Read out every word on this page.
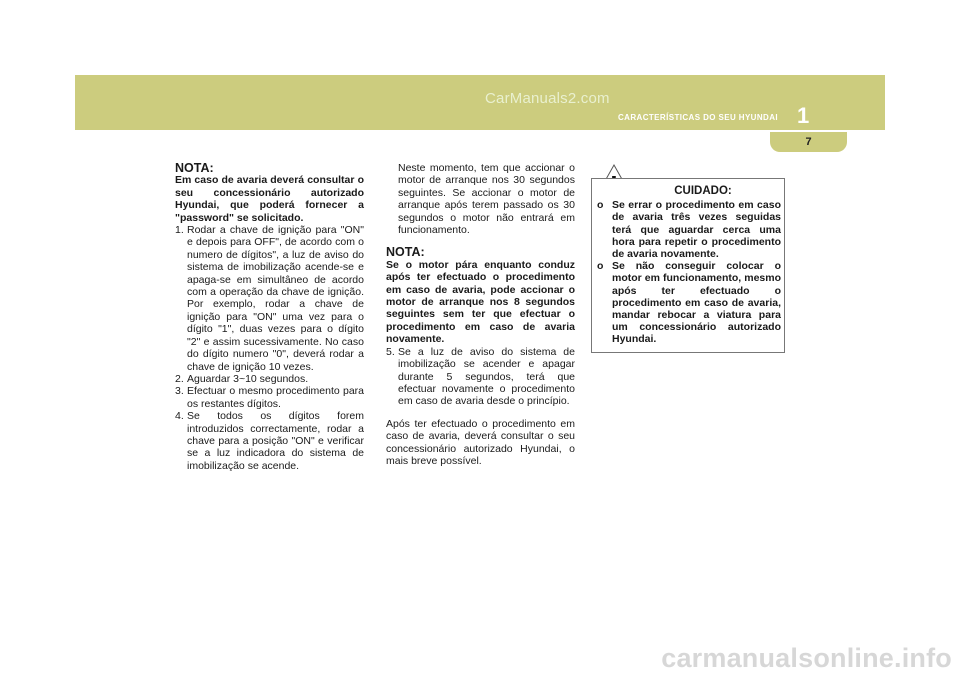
CarManuals2.com
CARACTERÍSTICAS DO SEU HYUNDAI 1
7

NOTA:

Em caso de avaria deverá consultar o seu concessionário autorizado Hyundai, que poderá fornecer a "password" se solicitado.

1. Rodar a chave de ignição para "ON" e depois para OFF", de acordo com o numero de dígitos", a luz de aviso do sistema de imobilização acende-se e apaga-se em simultâneo de acordo com a operação da chave de ignição. Por exemplo, rodar a chave de ignição para "ON" uma vez para o dígito "1", duas vezes para o dígito "2" e assim sucessivamente. No caso do dígito numero "0", deverá rodar a chave de ignição 10 vezes.
2. Aguardar 3~10 segundos.
3. Efectuar o mesmo procedimento para os restantes dígitos.
4. Se todos os dígitos forem introduzidos correctamente, rodar a chave para a posição "ON" e verificar se a luz indicadora do sistema de imobilização se acende.

Neste momento, tem que accionar o motor de arranque nos 30 segundos seguintes. Se accionar o motor de arranque após terem passado os 30 segundos o motor não entrará em funcionamento.

NOTA:

Se o motor pára enquanto conduz após ter efectuado o procedimento em caso de avaria, pode accionar o motor de arranque nos 8 segundos seguintes sem ter que efectuar o procedimento em caso de avaria novamente.

5. Se a luz de aviso do sistema de imobilização se acender e apagar durante 5 segundos, terá que efectuar novamente o procedimento em caso de avaria desde o princípio.

Após ter efectuado o procedimento em caso de avaria, deverá consultar o seu concessionário autorizado Hyundai, o mais breve possível.

CUIDADO:
o Se errar o procedimento em caso de avaria três vezes seguidas terá que aguardar cerca uma hora para repetir o procedimento de avaria novamente.
o Se não conseguir colocar o motor em funcionamento, mesmo após ter efectuado o procedimento em caso de avaria, mandar rebocar a viatura para um concessionário autorizado Hyundai.
carmanualsonline.info
